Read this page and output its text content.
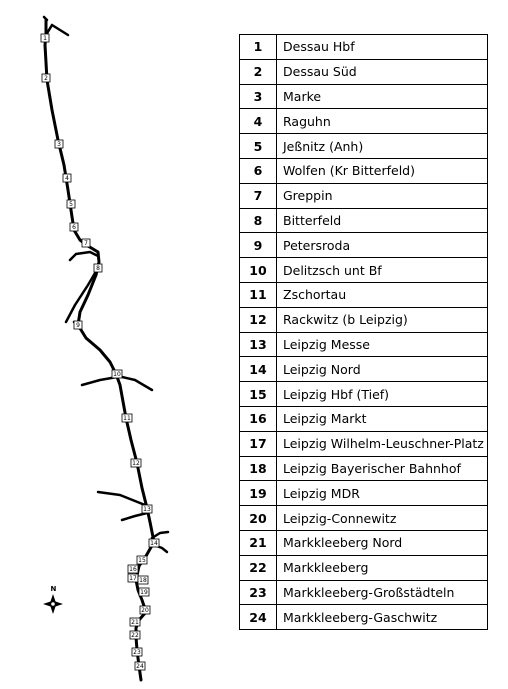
1
2
3
4
5
6
7
8
9
10
11
12
13
14
15
16
17 18
19
20
21
22
23
24
N
1	Dessau Hbf
2	Dessau Süd
3	Marke
4	Raguhn
5	Jeßnitz (Anh)
6	Wolfen (Kr Bitterfeld)
7	Greppin
8	Bitterfeld
9	Petersroda
10	Delitzsch unt Bf
11	Zschortau
12	Rackwitz (b Leipzig)
13	Leipzig Messe
14	Leipzig Nord
15	Leipzig Hbf (Tief)
16	Leipzig Markt
17	Leipzig Wilhelm-Leuschner-Platz
18	Leipzig Bayerischer Bahnhof
19	Leipzig MDR
20	Leipzig-Connewitz
21	Markkleeberg Nord
22	Markkleeberg
23	Markkleeberg-Großstädteln
24	Markkleeberg-Gaschwitz
